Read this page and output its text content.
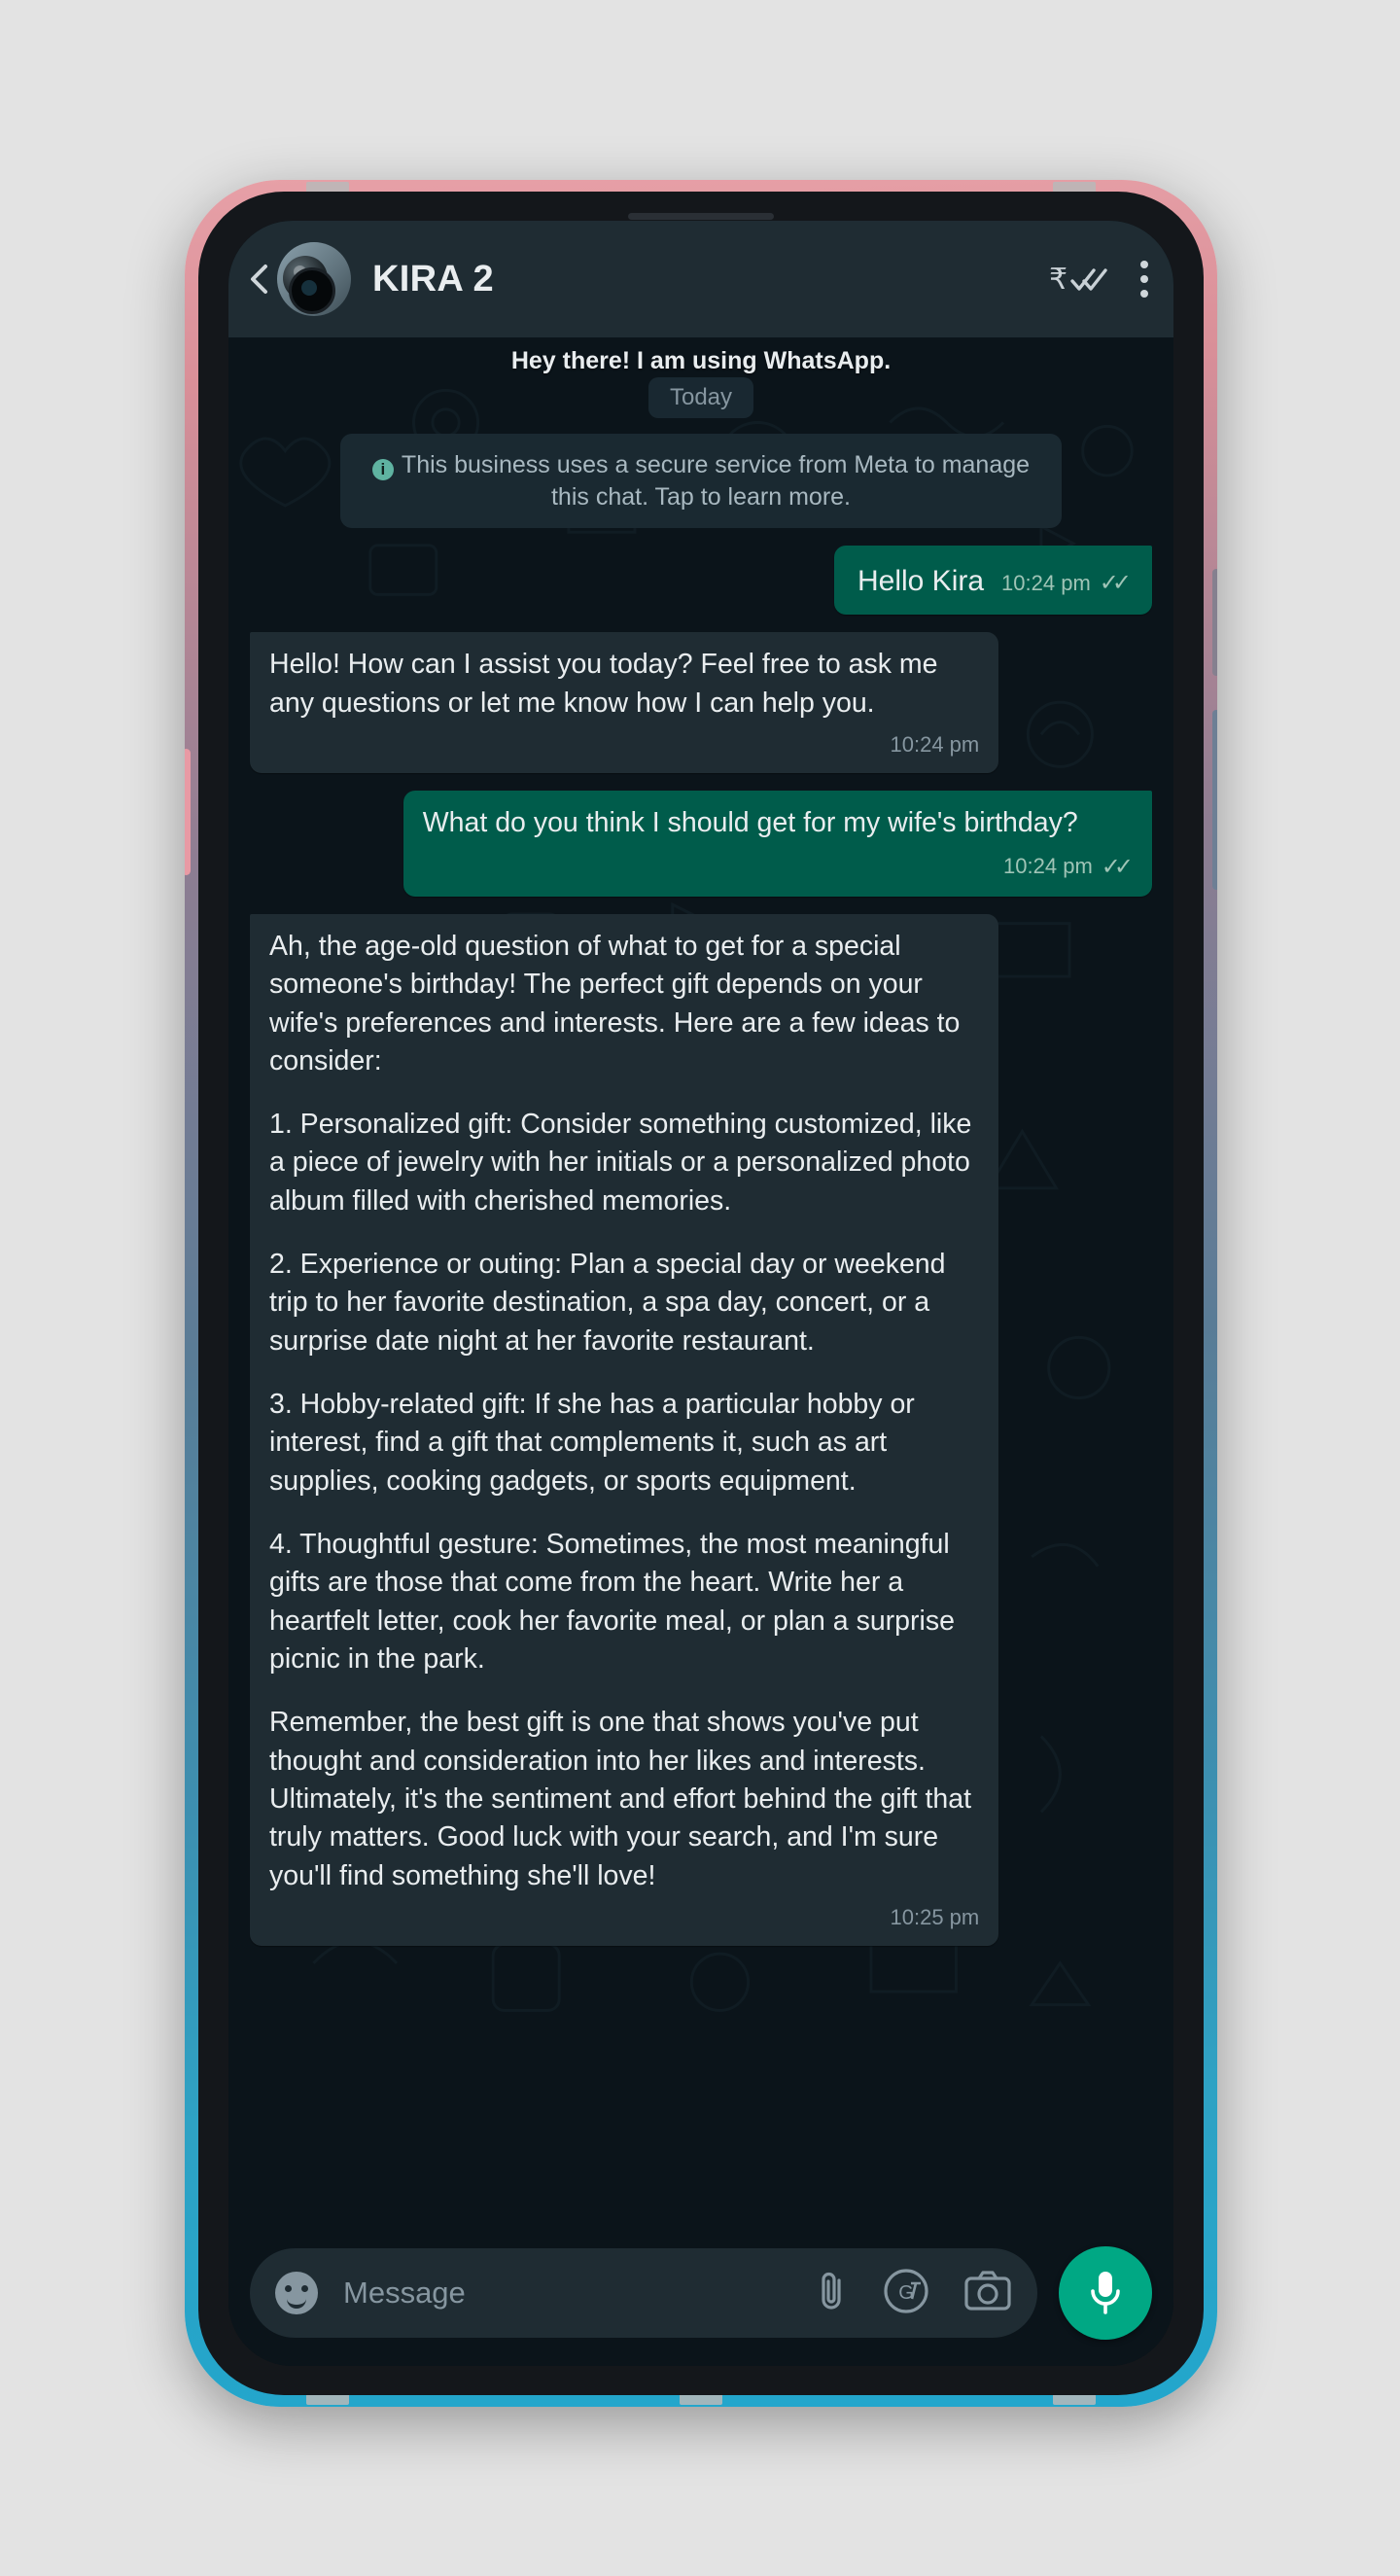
KIRA 2	₹
Hey there! I am using WhatsApp.
Today
i This business uses a secure service from Meta to manage this chat. Tap to learn more.
Hello Kira 10:24 pm ✓✓
Hello! How can I assist you today? Feel free to ask me any questions or let me know how I can help you.
10:24 pm
What do you think I should get for my wife's birthday?
10:24 pm ✓✓

Ah, the age-old question of what to get for a special someone's birthday! The perfect gift depends on your wife's preferences and interests. Here are a few ideas to consider:

1. Personalized gift: Consider something customized, like a piece of jewelry with her initials or a personalized photo album filled with cherished memories.

2. Experience or outing: Plan a special day or weekend trip to her favorite destination, a spa day, concert, or a surprise date night at her favorite restaurant.

3. Hobby-related gift: If she has a particular hobby or interest, find a gift that complements it, such as art supplies, cooking gadgets, or sports equipment.

4. Thoughtful gesture: Sometimes, the most meaningful gifts are those that come from the heart. Write her a heartfelt letter, cook her favorite meal, or plan a surprise picnic in the park.

Remember, the best gift is one that shows you've put thought and consideration into her likes and interests. Ultimately, it's the sentiment and effort behind the gift that truly matters. Good luck with your search, and I'm sure you'll find something she'll love!

10:25 pm
Message	G
